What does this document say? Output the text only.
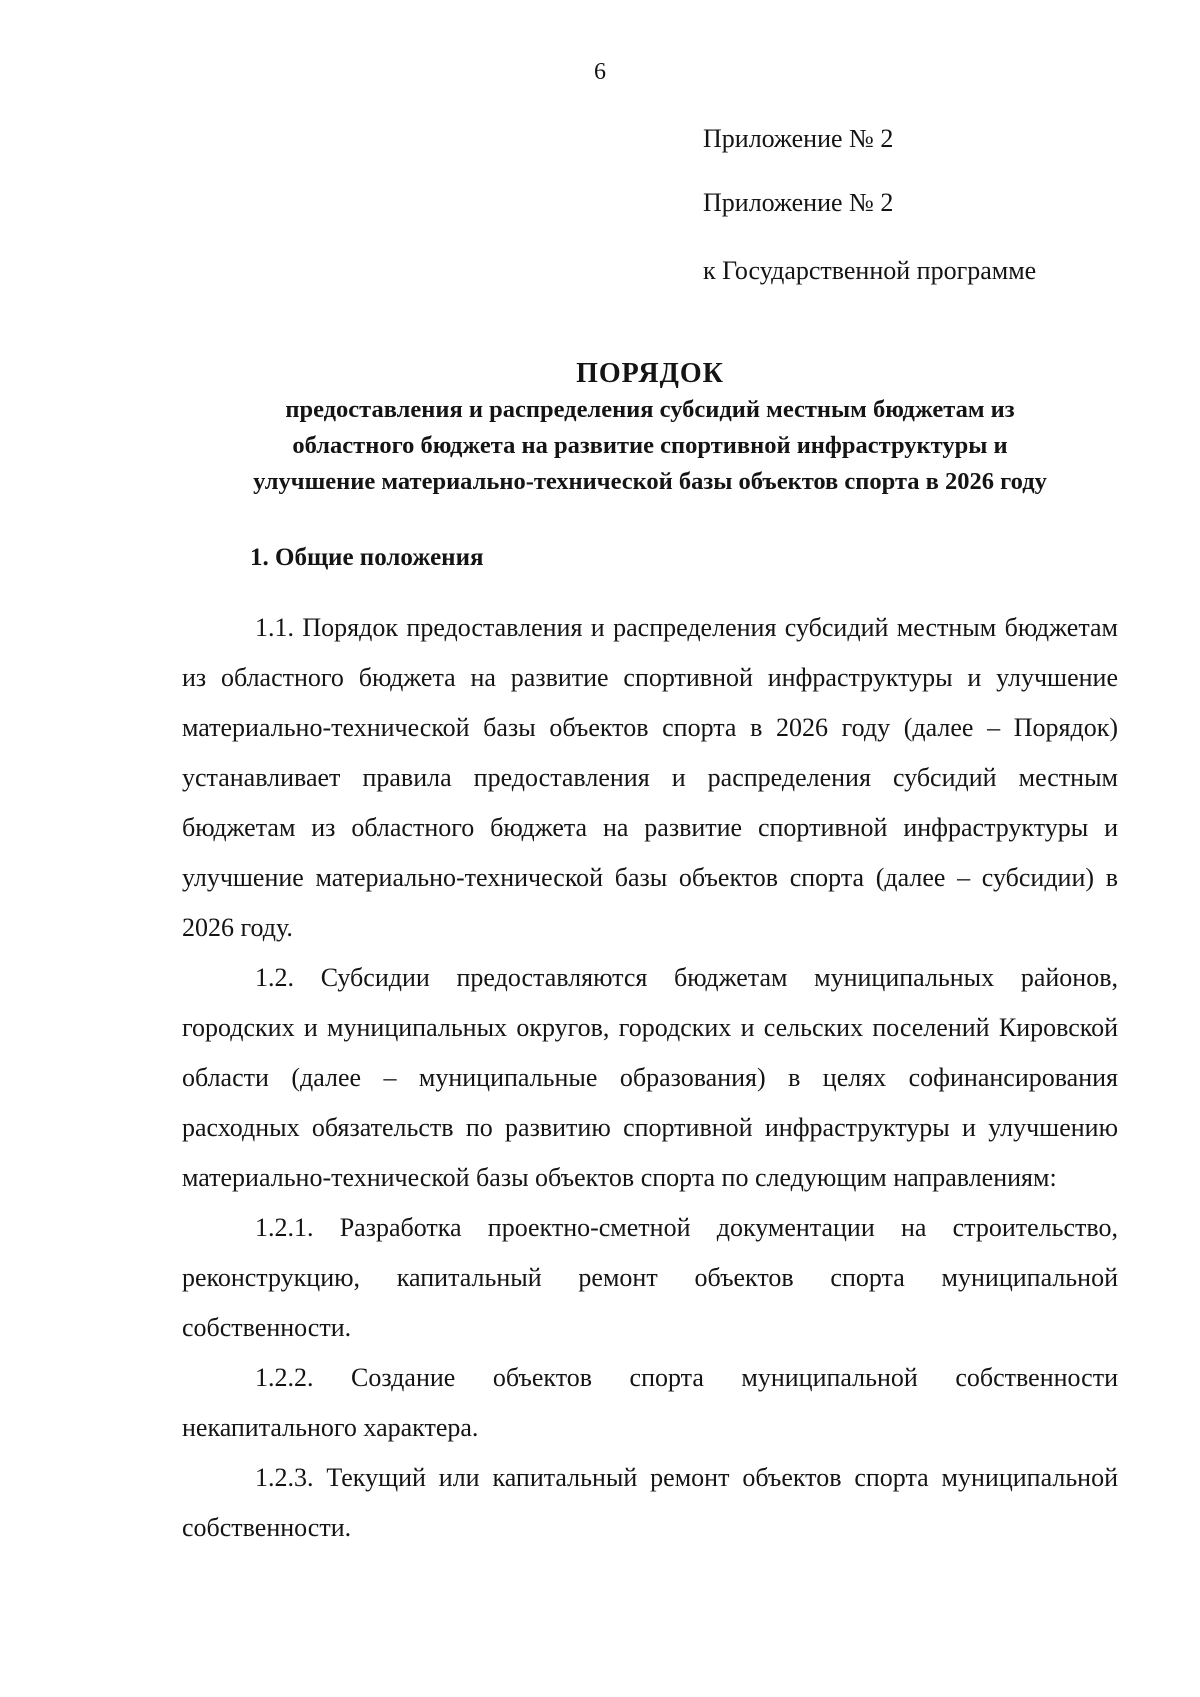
6
Приложение № 2
Приложение № 2
к Государственной программе
ПОРЯДОК
предоставления и распределения субсидий местным бюджетам из
областного бюджета на развитие спортивной инфраструктуры и
улучшение материально-технической базы объектов спорта в 2026 году
1. Общие положения

1.1. Порядок предоставления и распределения субсидий местным бюджетам из областного бюджета на развитие спортивной инфраструктуры и улучшение материально-технической базы объектов спорта в 2026 году (далее – Порядок) устанавливает правила предоставления и распределения субсидий местным бюджетам из областного бюджета на развитие спортивной инфраструктуры и улучшение материально-технической базы объектов спорта (далее – субсидии) в 2026 году.

1.2. Субсидии предоставляются бюджетам муниципальных районов, городских и муниципальных округов, городских и сельских поселений Кировской области (далее – муниципальные образования) в целях софинансирования расходных обязательств по развитию спортивной инфраструктуры и улучшению материально-технической базы объектов спорта по следующим направлениям:

1.2.1. Разработка проектно-сметной документации на строительство, реконструкцию, капитальный ремонт объектов спорта муниципальной собственности.

1.2.2. Создание объектов спорта муниципальной собственности некапитального характера.

1.2.3. Текущий или капитальный ремонт объектов спорта муниципальной собственности.
